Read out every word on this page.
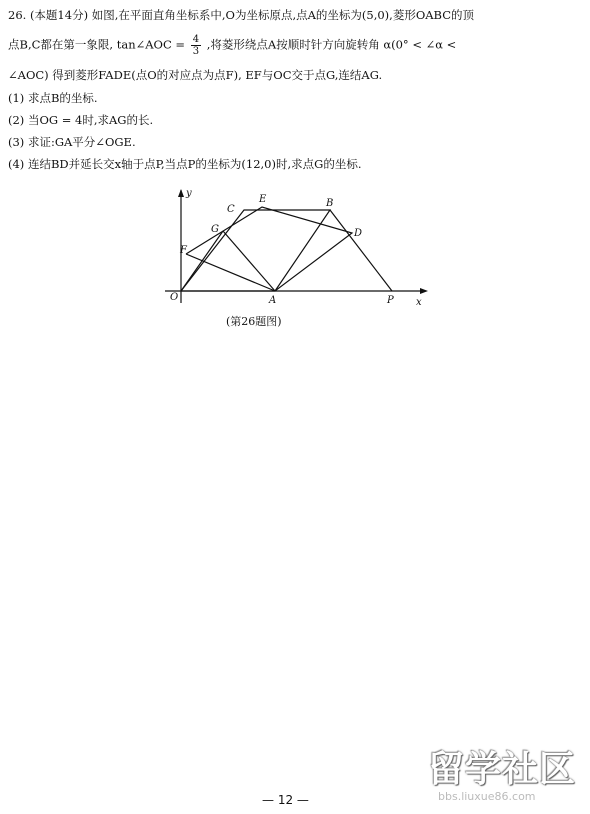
26. (本题14分) 如图,在平面直角坐标系中,O为坐标原点,点A的坐标为(5,0),菱形OABC的顶
点B,C都在第一象限, tan∠AOC = $\frac{4}{3}$ ,将菱形绕点A按顺时针方向旋转角 α(0° < ∠α <
∠AOC) 得到菱形FADE(点O的对应点为点F), EF与OC交于点G,连结AG.
(1) 求点B的坐标.
(2) 当OG = 4时,求AG的长.
(3) 求证:GA平分∠OGE.
(4) 连结BD并延长交x轴于点P,当点P的坐标为(12,0)时,求点G的坐标.
y
x
O	A
B
C
D
E
F
G
P
(第26题图)
— 12 —
留学社区
bbs.liuxue86.com
